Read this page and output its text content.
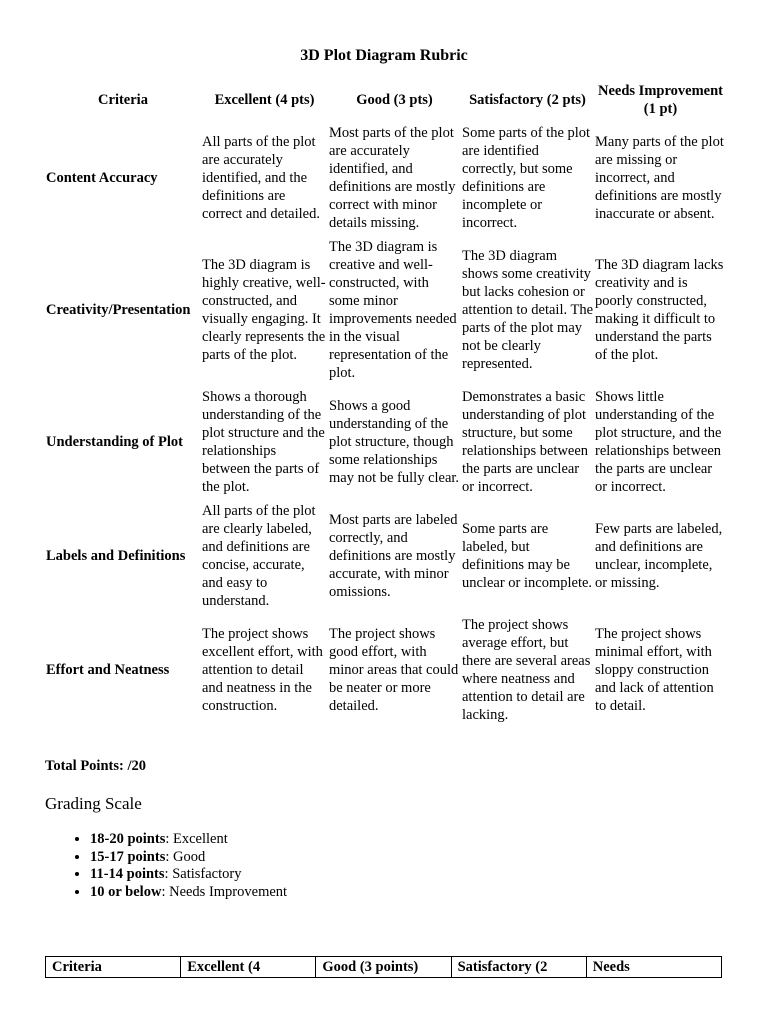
3D Plot Diagram Rubric
Criteria	Excellent (4 pts)	Good (3 pts)	Satisfactory (2 pts)	Needs Improvement (1 pt)
Content Accuracy	All parts of the plot are accurately identified, and the definitions are correct and detailed.	Most parts of the plot are accurately identified, and definitions are mostly correct with minor details missing.	Some parts of the plot are identified correctly, but some definitions are incomplete or incorrect.	Many parts of the plot are missing or incorrect, and definitions are mostly inaccurate or absent.
Creativity/Presentation	The 3D diagram is highly creative, well-constructed, and visually engaging. It clearly represents the parts of the plot.	The 3D diagram is creative and well-constructed, with some minor improvements needed in the visual representation of the plot.	The 3D diagram shows some creativity but lacks cohesion or attention to detail. The parts of the plot may not be clearly represented.	The 3D diagram lacks creativity and is poorly constructed, making it difficult to understand the parts of the plot.
Understanding of Plot	Shows a thorough understanding of the plot structure and the relationships between the parts of the plot.	Shows a good understanding of the plot structure, though some relationships may not be fully clear.	Demonstrates a basic understanding of plot structure, but some relationships between the parts are unclear or incorrect.	Shows little understanding of the plot structure, and the relationships between the parts are unclear or incorrect.
Labels and Definitions	All parts of the plot are clearly labeled, and definitions are concise, accurate, and easy to understand.	Most parts are labeled correctly, and definitions are mostly accurate, with minor omissions.	Some parts are labeled, but definitions may be unclear or incomplete.	Few parts are labeled, and definitions are unclear, incomplete, or missing.
Effort and Neatness	The project shows excellent effort, with attention to detail and neatness in the construction.	The project shows good effort, with minor areas that could be neater or more detailed.	The project shows average effort, but there are several areas where neatness and attention to detail are lacking.	The project shows minimal effort, with sloppy construction and lack of attention to detail.
Total Points: /20
Grading Scale
• 18-20 points: Excellent
• 15-17 points: Good
• 11-14 points: Satisfactory
• 10 or below: Needs Improvement
Criteria	Excellent (4	Good (3 points)	Satisfactory (2	Needs
